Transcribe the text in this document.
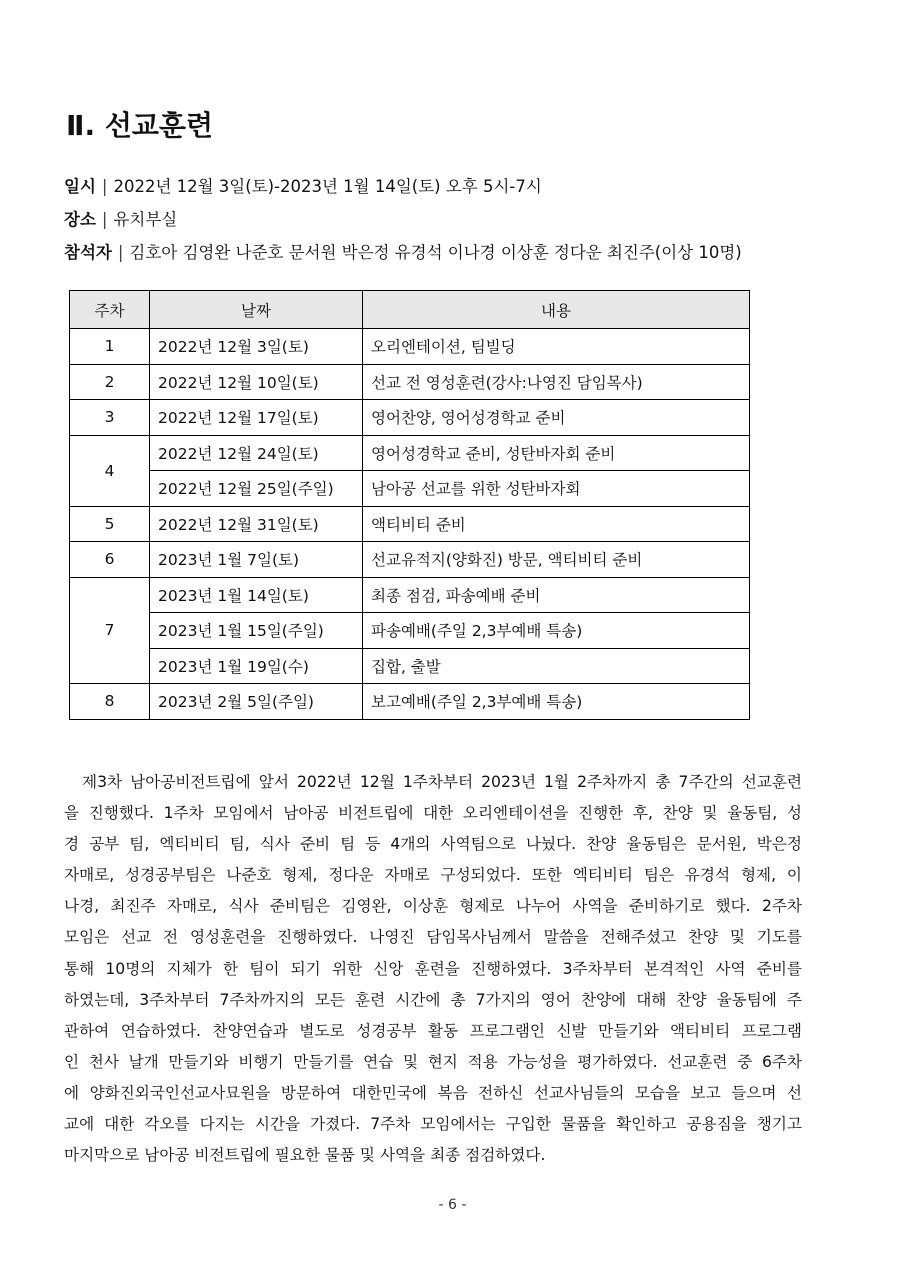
Ⅱ. 선교훈련
일시 | 2022년 12월 3일(토)-2023년 1월 14일(토) 오후 5시-7시
장소 | 유치부실
참석자 | 김호아 김영완 나준호 문서원 박은정 유경석 이나경 이상훈 정다운 최진주(이상 10명)
주차	날짜	내용
1	2022년 12월 3일(토)	오리엔테이션, 팀빌딩
2	2022년 12월 10일(토)	선교 전 영성훈련(강사:나영진 담임목사)
3	2022년 12월 17일(토)	영어찬양, 영어성경학교 준비
4	2022년 12월 24일(토)	영어성경학교 준비, 성탄바자회 준비
	2022년 12월 25일(주일)	남아공 선교를 위한 성탄바자회
5	2022년 12월 31일(토)	액티비티 준비
6	2023년 1월 7일(토)	선교유적지(양화진) 방문, 액티비티 준비
7	2023년 1월 14일(토)	최종 점검, 파송예배 준비
	2023년 1월 15일(주일)	파송예배(주일 2,3부예배 특송)
	2023년 1월 19일(수)	집합, 출발
8	2023년 2월 5일(주일)	보고예배(주일 2,3부예배 특송)
제3차 남아공비전트립에 앞서 2022년 12월 1주차부터 2023년 1월 2주차까지 총 7주간의 선교훈련
을 진행했다. 1주차 모임에서 남아공 비전트립에 대한 오리엔테이션을 진행한 후, 찬양 및 율동팀, 성
경 공부 팀, 엑티비티 팀, 식사 준비 팀 등 4개의 사역팀으로 나눴다. 찬양 율동팀은 문서원, 박은정
자매로, 성경공부팀은 나준호 형제, 정다운 자매로 구성되었다. 또한 엑티비티 팀은 유경석 형제, 이
나경, 최진주 자매로, 식사 준비팀은 김영완, 이상훈 형제로 나누어 사역을 준비하기로 했다. 2주차
모임은 선교 전 영성훈련을 진행하였다. 나영진 담임목사님께서 말씀을 전해주셨고 찬양 및 기도를
통해 10명의 지체가 한 팀이 되기 위한 신앙 훈련을 진행하였다. 3주차부터 본격적인 사역 준비를
하였는데, 3주차부터 7주차까지의 모든 훈련 시간에 총 7가지의 영어 찬양에 대해 찬양 율동팀에 주
관하여 연습하였다. 찬양연습과 별도로 성경공부 활동 프로그램인 신발 만들기와 액티비티 프로그램
인 천사 날개 만들기와 비행기 만들기를 연습 및 현지 적용 가능성을 평가하였다. 선교훈련 중 6주차
에 양화진외국인선교사묘원을 방문하여 대한민국에 복음 전하신 선교사님들의 모습을 보고 들으며 선
교에 대한 각오를 다지는 시간을 가졌다. 7주차 모임에서는 구입한 물품을 확인하고 공용짐을 챙기고
마지막으로 남아공 비전트립에 필요한 물품 및 사역을 최종 점검하였다.
- 6 -
